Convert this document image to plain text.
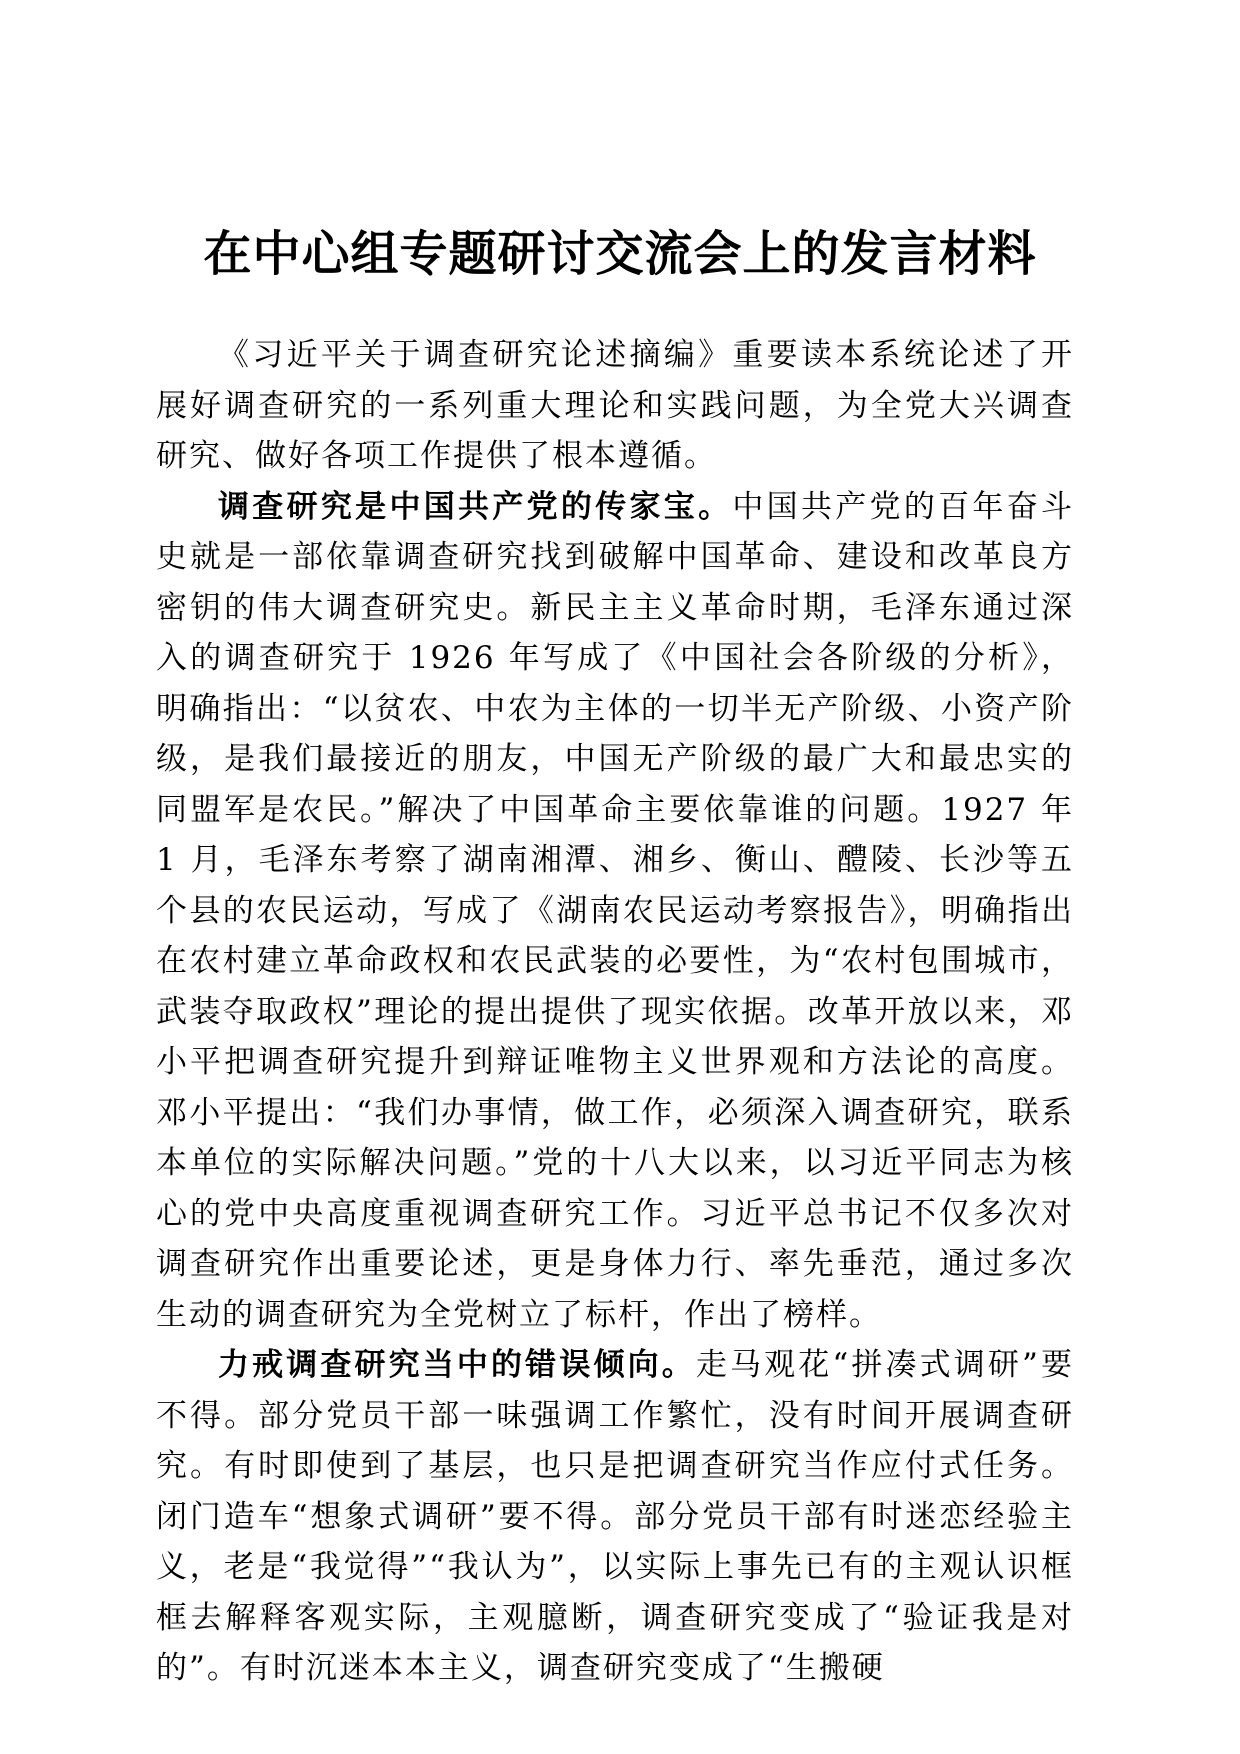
在中心组专题研讨交流会上的发言材料

《习近平关于调查研究论述摘编》重要读本系统论述了开展好调查研究的一系列重大理论和实践问题，为全党大兴调查研究、做好各项工作提供了根本遵循。

调查研究是中国共产党的传家宝。中国共产党的百年奋斗史就是一部依靠调查研究找到破解中国革命、建设和改革良方密钥的伟大调查研究史。新民主主义革命时期，毛泽东通过深入的调查研究于 1926 年写成了《中国社会各阶级的分析》，明确指出：“以贫农、中农为主体的一切半无产阶级、小资产阶级，是我们最接近的朋友，中国无产阶级的最广大和最忠实的同盟军是农民。”解决了中国革命主要依靠谁的问题。1927 年 1 月，毛泽东考察了湖南湘潭、湘乡、衡山、醴陵、长沙等五个县的农民运动，写成了《湖南农民运动考察报告》，明确指出在农村建立革命政权和农民武装的必要性，为“农村包围城市，武装夺取政权”理论的提出提供了现实依据。改革开放以来，邓小平把调查研究提升到辩证唯物主义世界观和方法论的高度。邓小平提出：“我们办事情，做工作，必须深入调查研究，联系本单位的实际解决问题。”党的十八大以来，以习近平同志为核心的党中央高度重视调查研究工作。习近平总书记不仅多次对调查研究作出重要论述，更是身体力行、率先垂范，通过多次生动的调查研究为全党树立了标杆，作出了榜样。

力戒调查研究当中的错误倾向。走马观花“拼凑式调研”要不得。部分党员干部一味强调工作繁忙，没有时间开展调查研究。有时即使到了基层，也只是把调查研究当作应付式任务。闭门造车“想象式调研”要不得。部分党员干部有时迷恋经验主义，老是“我觉得”“我认为”，以实际上事先已有的主观认识框框去解释客观实际，主观臆断，调查研究变成了“验证我是对的”。有时沉迷本本主义，调查研究变成了“生搬硬
